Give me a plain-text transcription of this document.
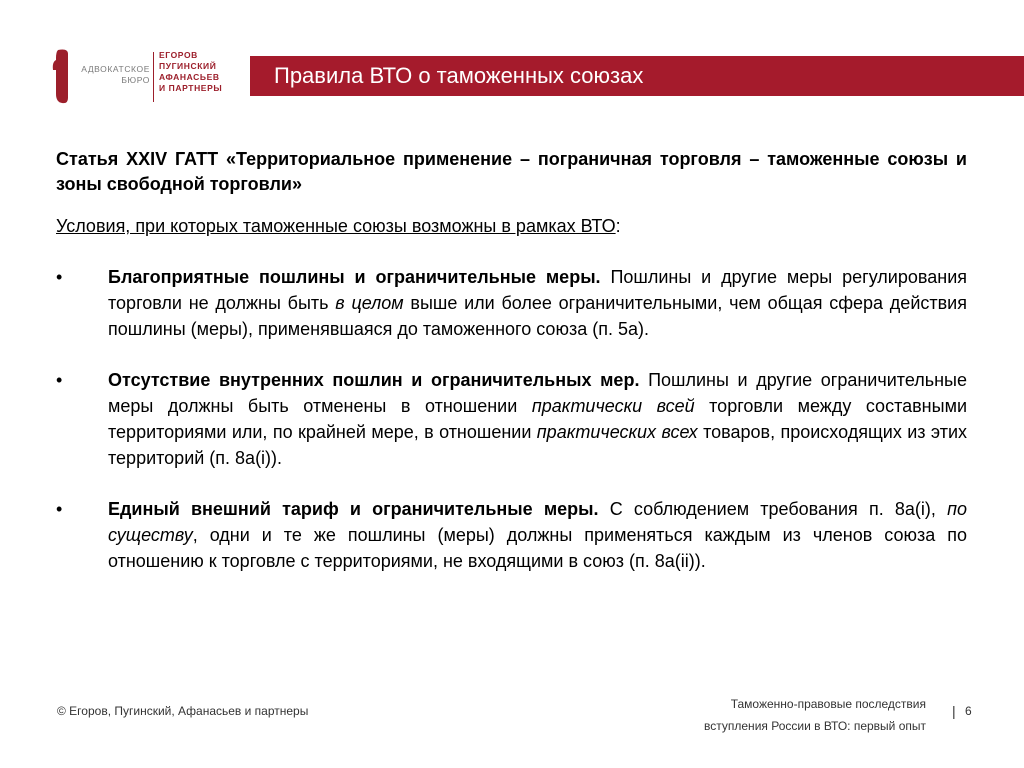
АДВОКАТСКОЕ
БЮРО
ЕГОРОВ
ПУГИНСКИЙ
АФАНАСЬЕВ
И ПАРТНЕРЫ	Правила ВТО о таможенных союзах

Статья XXIV ГАТТ «Территориальное применение – пограничная торговля – таможенные союзы и зоны свободной торговли»

Условия, при которых таможенные союзы возможны в рамках ВТО:
•	Благоприятные пошлины и ограничительные меры. Пошлины и другие меры регулирования торговли не должны быть в целом выше или более ограничительными, чем общая сфера действия пошлины (меры), применявшаяся до таможенного союза (п. 5а).
•	Отсутствие внутренних пошлин и ограничительных мер. Пошлины и другие ограничительные меры должны быть отменены в отношении практически всей торговли между составными территориями или, по крайней мере, в отношении практических всех товаров, происходящих из этих территорий (п. 8а(i)).
•	Единый внешний тариф и ограничительные меры. С соблюдением требования п. 8а(i), по существу, одни и те же пошлины (меры) должны применяться каждым из членов союза по отношению к торговле с территориями, не входящими в союз (п. 8а(ii)).
© Егоров, Пугинский, Афанасьев и партнеры	Таможенно-правовые последствия
вступления России в ВТО: первый опыт
| 6
